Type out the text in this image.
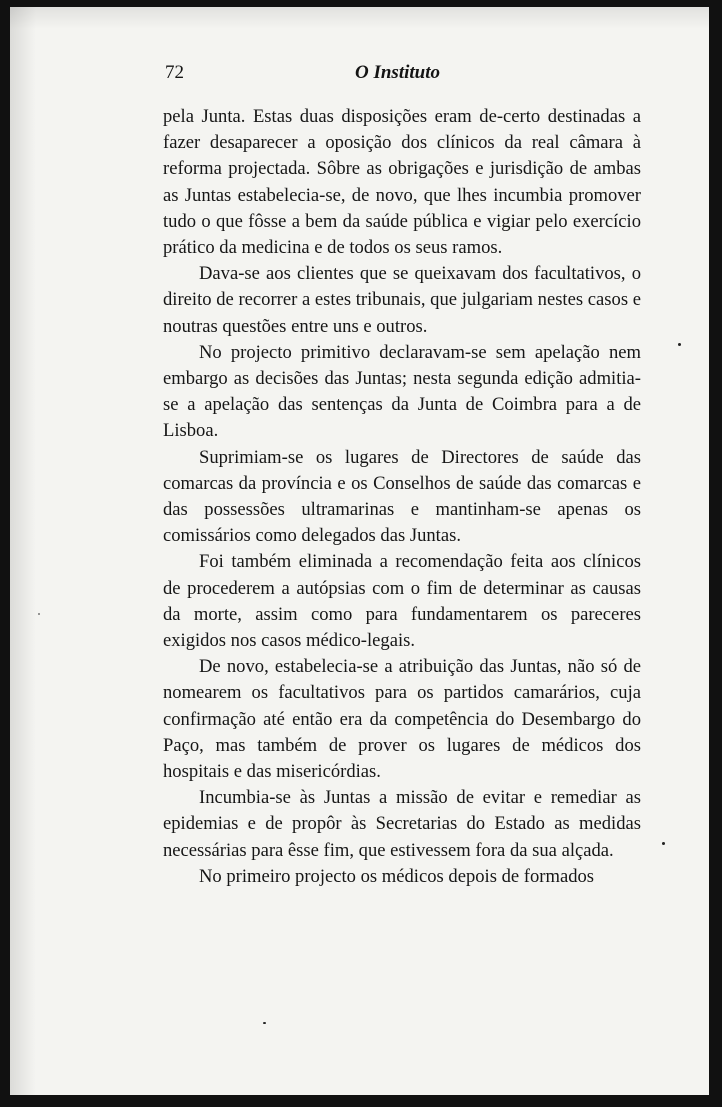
72	O Instituto

pela Junta. Estas duas disposições eram de-certo destinadas a fazer desaparecer a oposição dos clínicos da real câmara à reforma projectada. Sôbre as obrigações e jurisdição de ambas as Juntas estabelecia-se, de novo, que lhes incumbia promover tudo o que fôsse a bem da saúde pública e vigiar pelo exercício prático da medicina e de todos os seus ramos.

Dava-se aos clientes que se queixavam dos facultativos, o direito de recorrer a estes tribunais, que julgariam nestes casos e noutras questões entre uns e outros.

No projecto primitivo declaravam-se sem apelação nem embargo as decisões das Juntas; nesta segunda edição admitia-se a apelação das sentenças da Junta de Coimbra para a de Lisboa.

Suprimiam-se os lugares de Directores de saúde das comarcas da província e os Conselhos de saúde das comarcas e das possessões ultramarinas e mantinham-se apenas os comissários como delegados das Juntas.

Foi também eliminada a recomendação feita aos clínicos de procederem a autópsias com o fim de determinar as causas da morte, assim como para fundamentarem os pareceres exigidos nos casos médico-legais.

De novo, estabelecia-se a atribuição das Juntas, não só de nomearem os facultativos para os partidos camarários, cuja confirmação até então era da competência do Desembargo do Paço, mas também de prover os lugares de médicos dos hospitais e das misericórdias.

Incumbia-se às Juntas a missão de evitar e remediar as epidemias e de propôr às Secretarias do Estado as medidas necessárias para êsse fim, que estivessem fora da sua alçada.

No primeiro projecto os médicos depois de formados
